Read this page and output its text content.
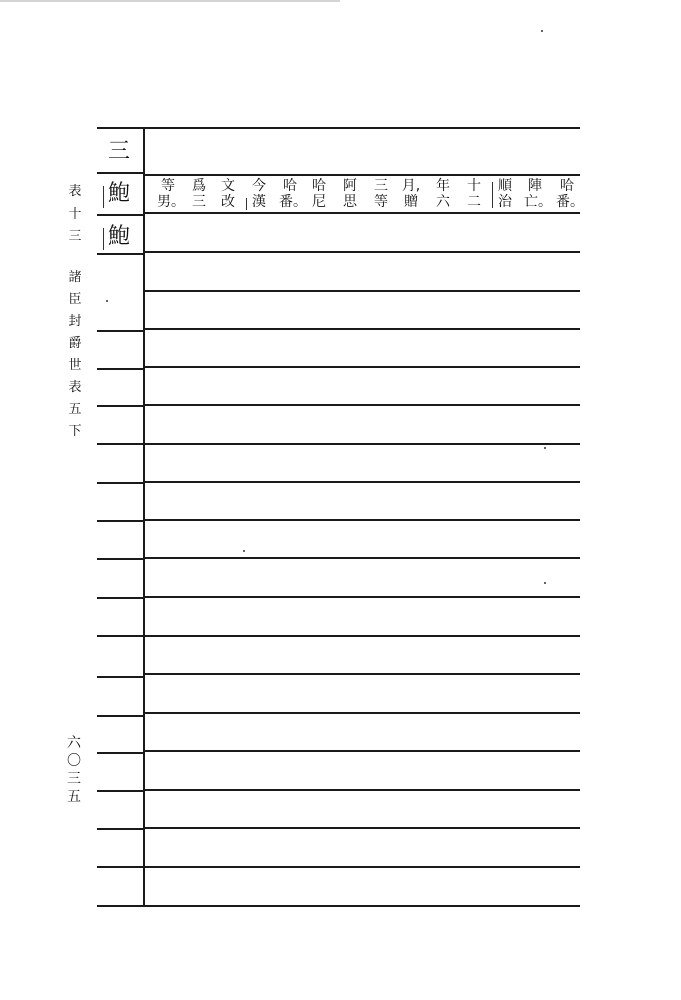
表
十
三
諸
臣
封
爵
世
表
五
下
六
〇
三
五
三
鮑
鮑
哈
番。
陣
亡。
順
治
十
二
年
六
月,
贈
三
等
阿
思
哈
尼
哈
番。
今
漢
文
改
爲
三
等
男。
